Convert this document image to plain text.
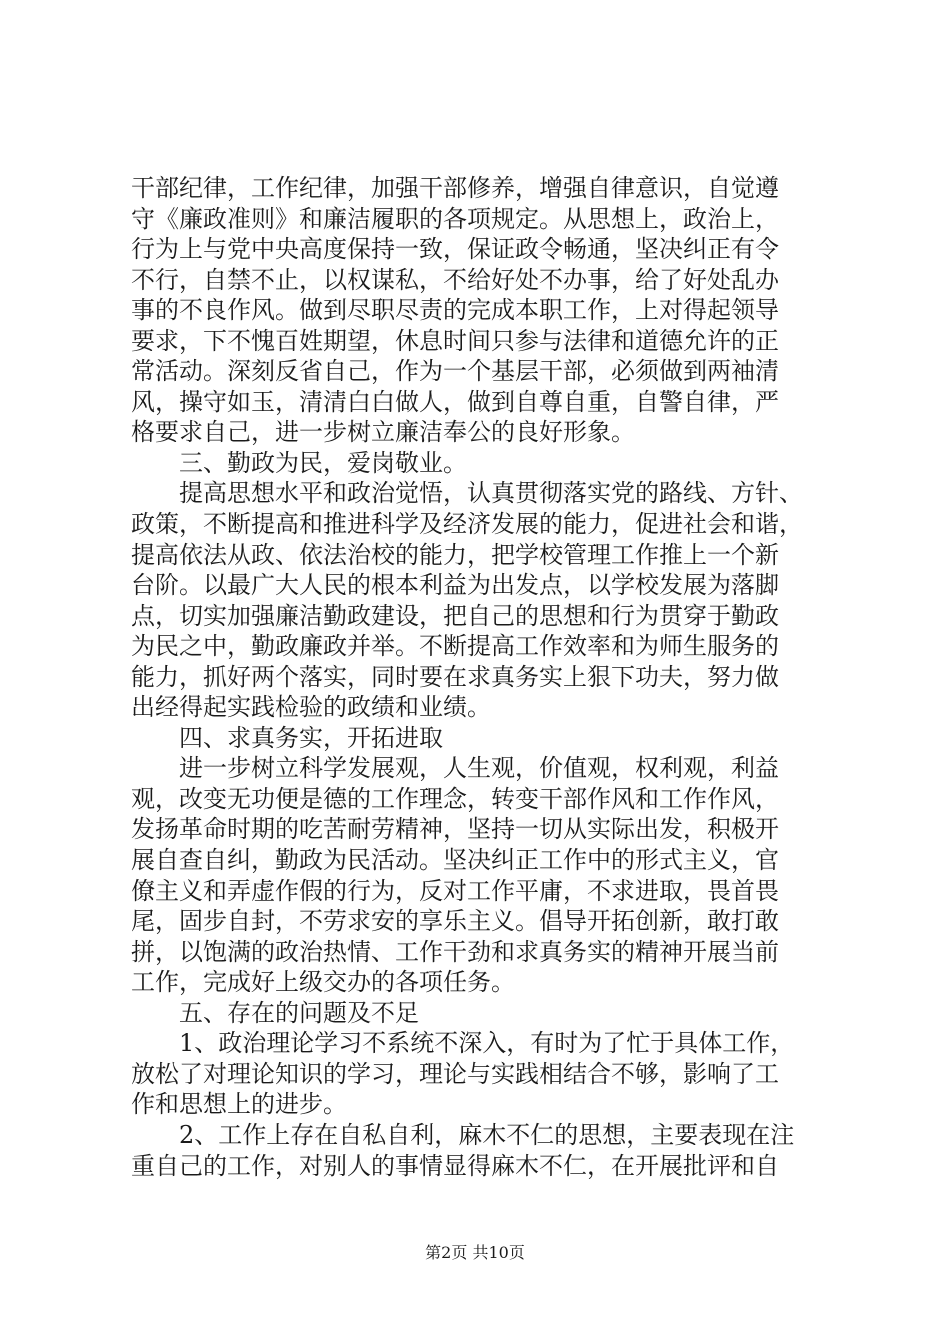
干部纪律，工作纪律，加强干部修养，增强自律意识，自觉遵
守《廉政准则》和廉洁履职的各项规定。从思想上，政治上，
行为上与党中央高度保持一致，保证政令畅通，坚决纠正有令
不行，自禁不止，以权谋私，不给好处不办事，给了好处乱办
事的不良作风。做到尽职尽责的完成本职工作，上对得起领导
要求，下不愧百姓期望，休息时间只参与法律和道德允许的正
常活动。深刻反省自己，作为一个基层干部，必须做到两袖清
风，操守如玉，清清白白做人，做到自尊自重，自警自律，严
格要求自己，进一步树立廉洁奉公的良好形象。
　　三、勤政为民，爱岗敬业。
　　提高思想水平和政治觉悟，认真贯彻落实党的路线、方针、
政策，不断提高和推进科学及经济发展的能力，促进社会和谐，
提高依法从政、依法治校的能力，把学校管理工作推上一个新
台阶。以最广大人民的根本利益为出发点，以学校发展为落脚
点，切实加强廉洁勤政建设，把自己的思想和行为贯穿于勤政
为民之中，勤政廉政并举。不断提高工作效率和为师生服务的
能力，抓好两个落实，同时要在求真务实上狠下功夫，努力做
出经得起实践检验的政绩和业绩。
　　四、求真务实，开拓进取
　　进一步树立科学发展观，人生观，价值观，权利观，利益
观，改变无功便是德的工作理念，转变干部作风和工作作风，
发扬革命时期的吃苦耐劳精神，坚持一切从实际出发，积极开
展自查自纠，勤政为民活动。坚决纠正工作中的形式主义，官
僚主义和弄虚作假的行为，反对工作平庸，不求进取，畏首畏
尾，固步自封，不劳求安的享乐主义。倡导开拓创新，敢打敢
拼，以饱满的政治热情、工作干劲和求真务实的精神开展当前
工作，完成好上级交办的各项任务。
　　五、存在的问题及不足
　　1、政治理论学习不系统不深入，有时为了忙于具体工作，
放松了对理论知识的学习，理论与实践相结合不够，影响了工
作和思想上的进步。
　　2、工作上存在自私自利，麻木不仁的思想，主要表现在注
重自己的工作，对别人的事情显得麻木不仁，在开展批评和自
第2页 共10页
